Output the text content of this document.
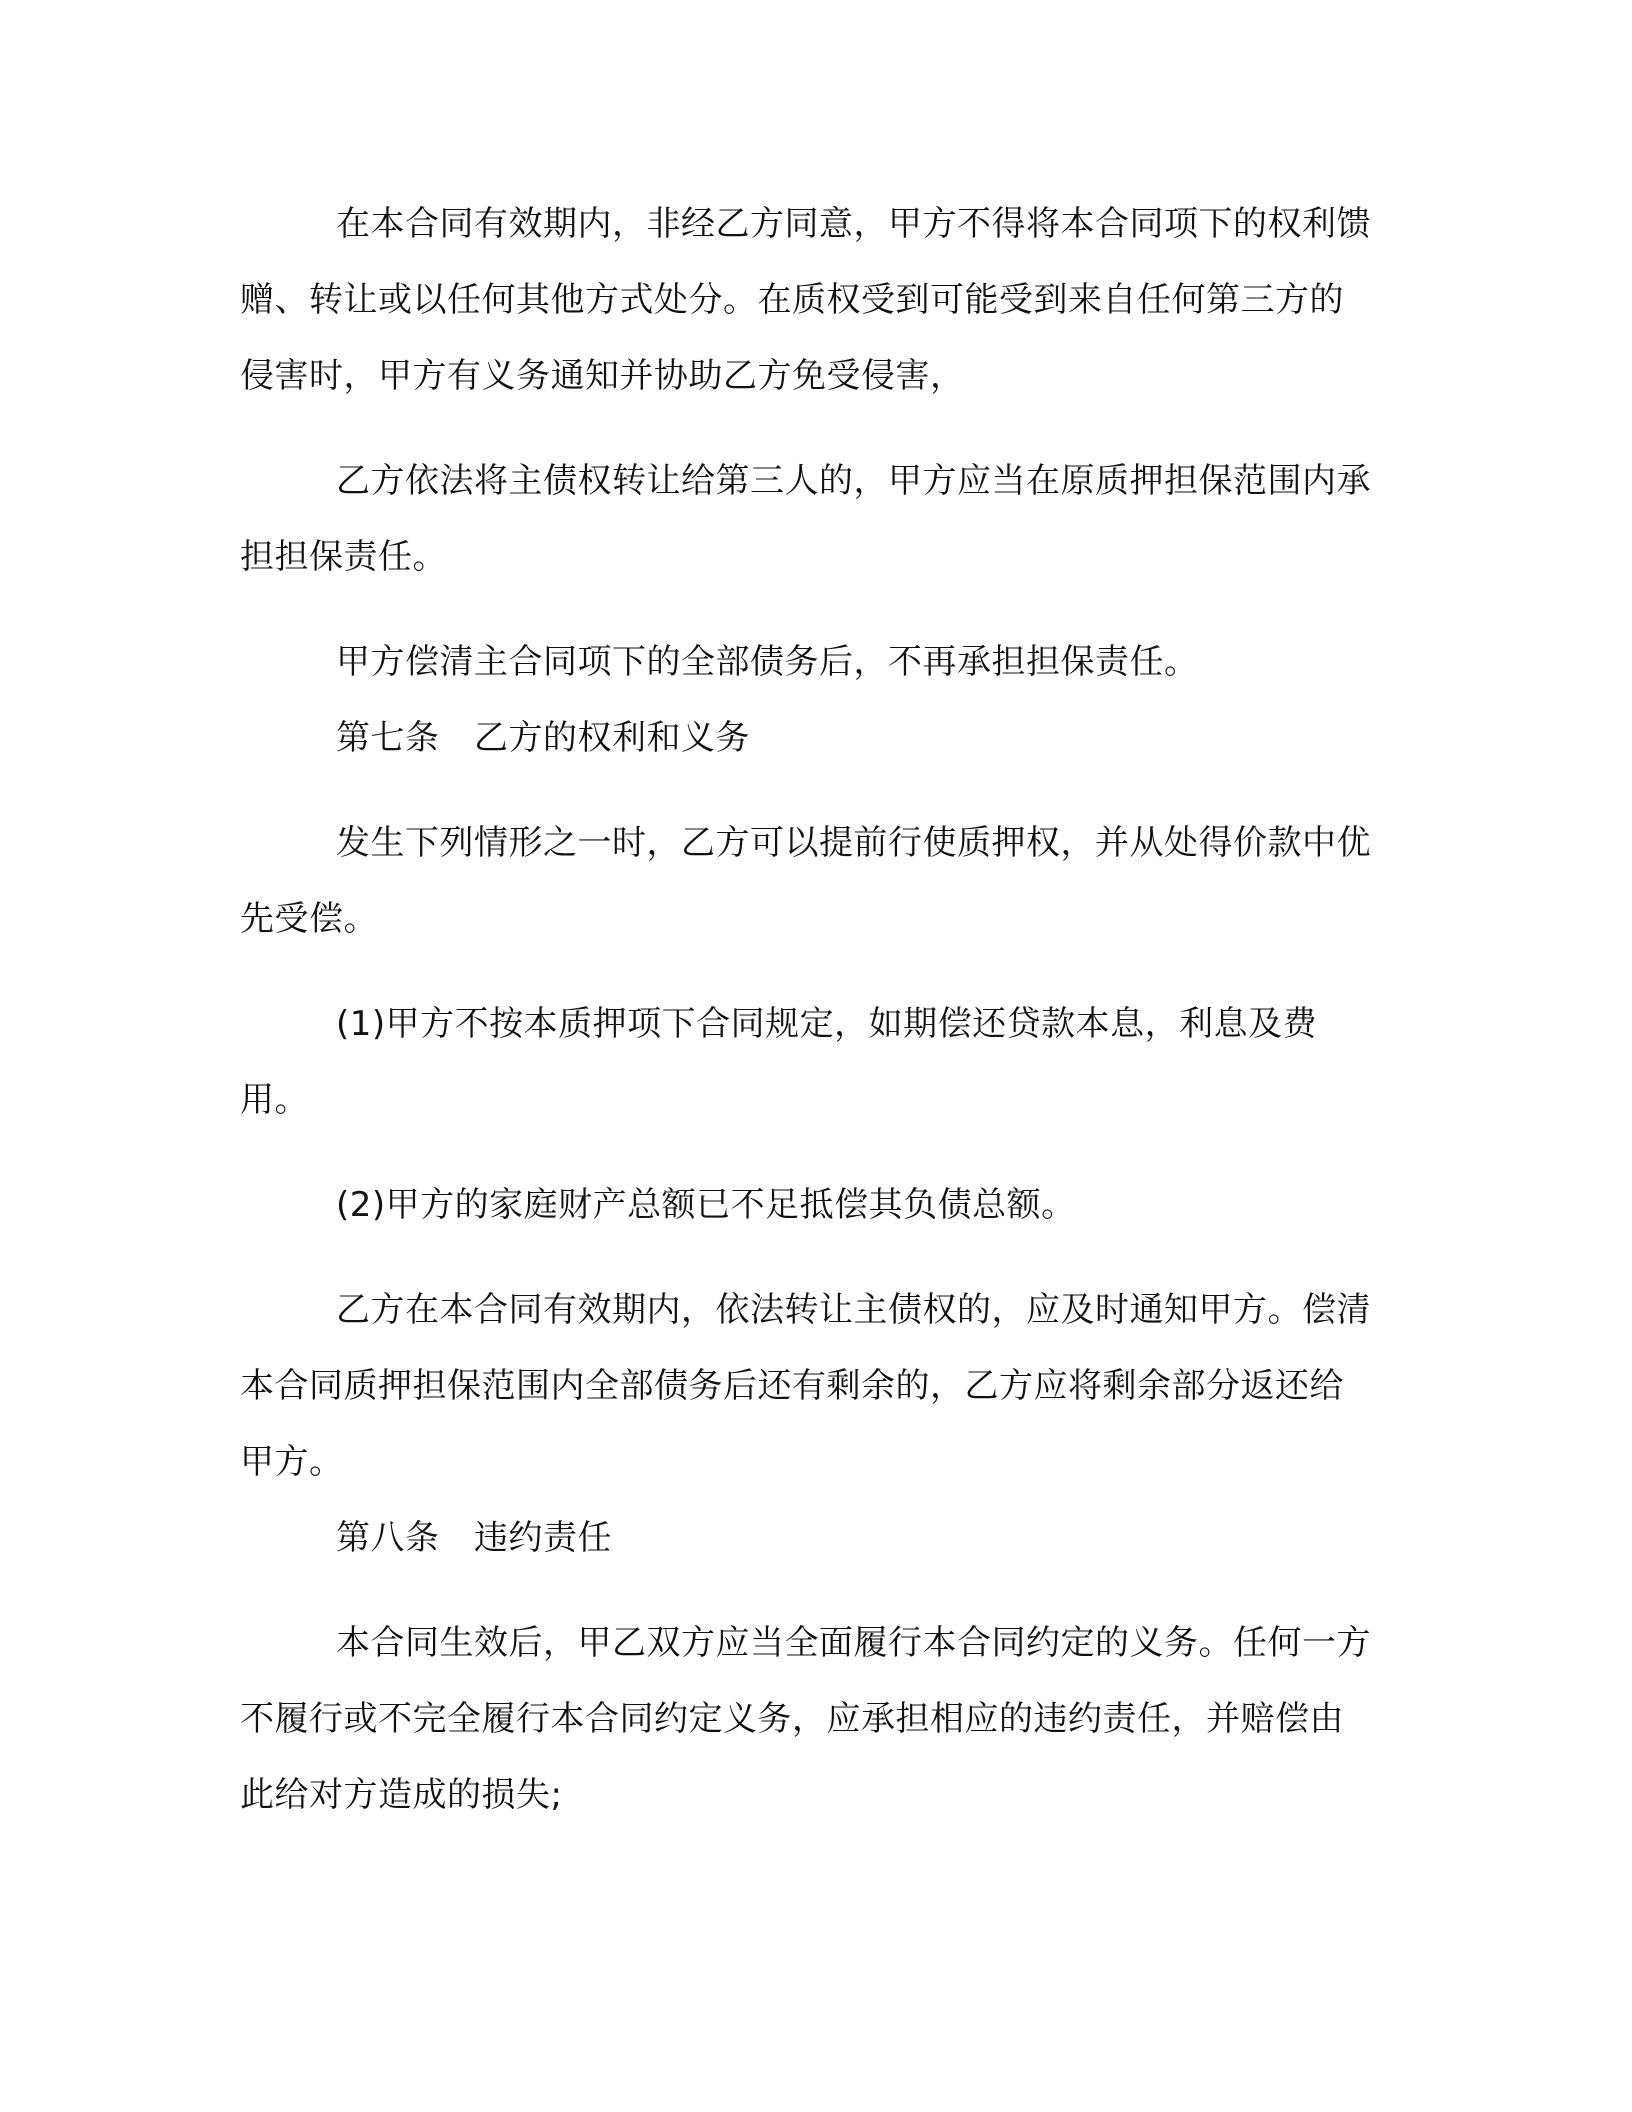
在本合同有效期内，非经乙方同意，甲方不得将本合同项下的权利馈赠、转让或以任何其他方式处分。在质权受到可能受到来自任何第三方的侵害时，甲方有义务通知并协助乙方免受侵害，

乙方依法将主债权转让给第三人的，甲方应当在原质押担保范围内承担担保责任。

甲方偿清主合同项下的全部债务后，不再承担担保责任。

第七条　乙方的权利和义务

发生下列情形之一时，乙方可以提前行使质押权，并从处得价款中优先受偿。

(1)甲方不按本质押项下合同规定，如期偿还贷款本息，利息及费用。

(2)甲方的家庭财产总额已不足抵偿其负债总额。

乙方在本合同有效期内，依法转让主债权的，应及时通知甲方。偿清本合同质押担保范围内全部债务后还有剩余的，乙方应将剩余部分返还给甲方。

第八条　违约责任

本合同生效后，甲乙双方应当全面履行本合同约定的义务。任何一方不履行或不完全履行本合同约定义务，应承担相应的违约责任，并赔偿由此给对方造成的损失;
